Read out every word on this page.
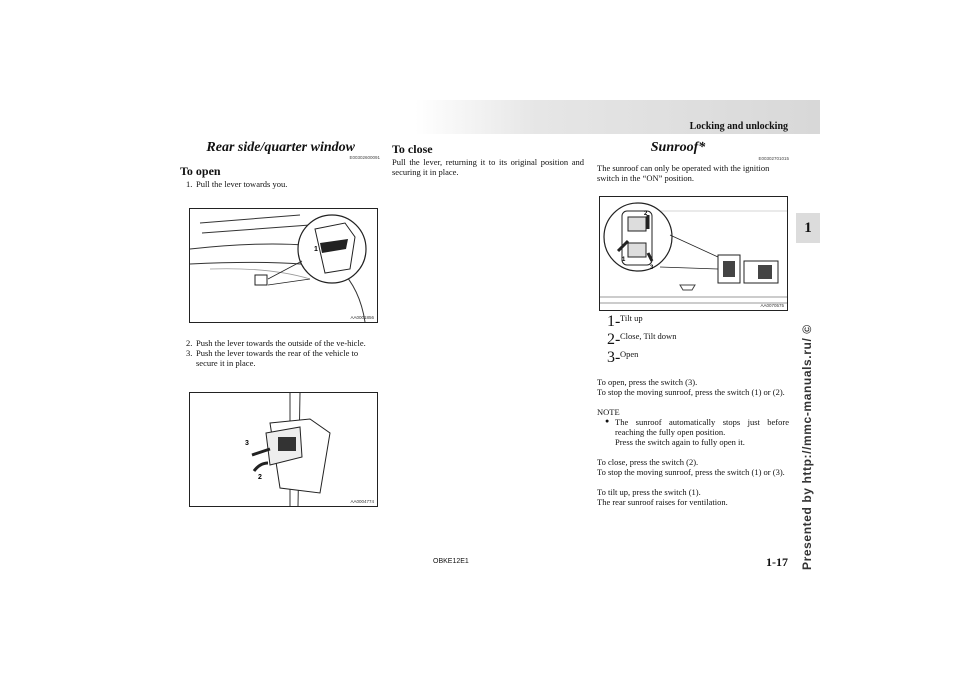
Locking and unlocking
1
Presented by http://mmc-manuals.ru/ ©
Rear side/quarter window
E00302600091
To open
1. Pull the lever towards you.
1
AA0001856
2. Push the lever towards the outside of the ve-hicle.
3. Push the lever towards the rear of the vehicle to secure it in place.
3
2
AA0004774
To close

Pull the lever, returning it to its original position and securing it in place.

Sunroof*
E00302701015

The sunroof can only be operated with the ignition switch in the “ON” position.

2
1
3
AA0070575
1- Tilt up

2- Close, Tilt down

3- Open

To open, press the switch (3).

To stop the moving sunroof, press the switch (1) or (2).

NOTE

● The sunroof automatically stops just before reaching the fully open position.

Press the switch again to fully open it.

To close, press the switch (2).

To stop the moving sunroof, press the switch (1) or (3).

To tilt up, press the switch (1).

The rear sunroof raises for ventilation.

OBKE12E1	1-17
